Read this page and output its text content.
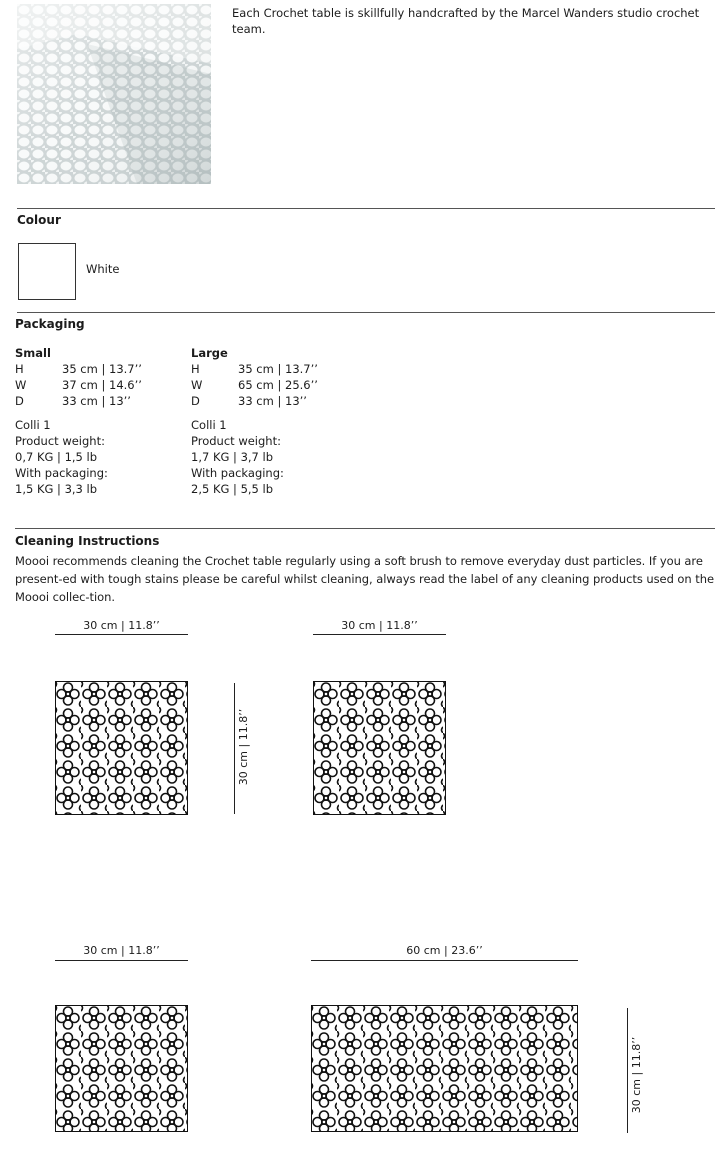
Each Crochet table is skillfully handcrafted by the Marcel Wanders studio crochet team.
Colour
White
Packaging
Small
H	35 cm | 13.7’’
W	37 cm | 14.6’’
D	33 cm | 13’’
Colli 1
Product weight:
0,7 KG | 1,5 lb
With packaging:
1,5 KG | 3,3 lb
Large
H	35 cm | 13.7’’
W	65 cm | 25.6’’
D	33 cm | 13’’
Colli 1
Product weight:
1,7 KG | 3,7 lb
With packaging:
2,5 KG | 5,5 lb
Cleaning Instructions
Moooi recommends cleaning the Crochet table regularly using a soft brush to remove everyday dust particles. If you are present-ed with tough stains please be careful whilst cleaning, always read the label of any cleaning products used on the Moooi collec-tion.
30 cm | 11.8’’
30 cm | 11.8’’
30 cm | 11.8’’
30 cm | 11.8’’	60 cm | 23.6’’
30 cm | 11.8’’
